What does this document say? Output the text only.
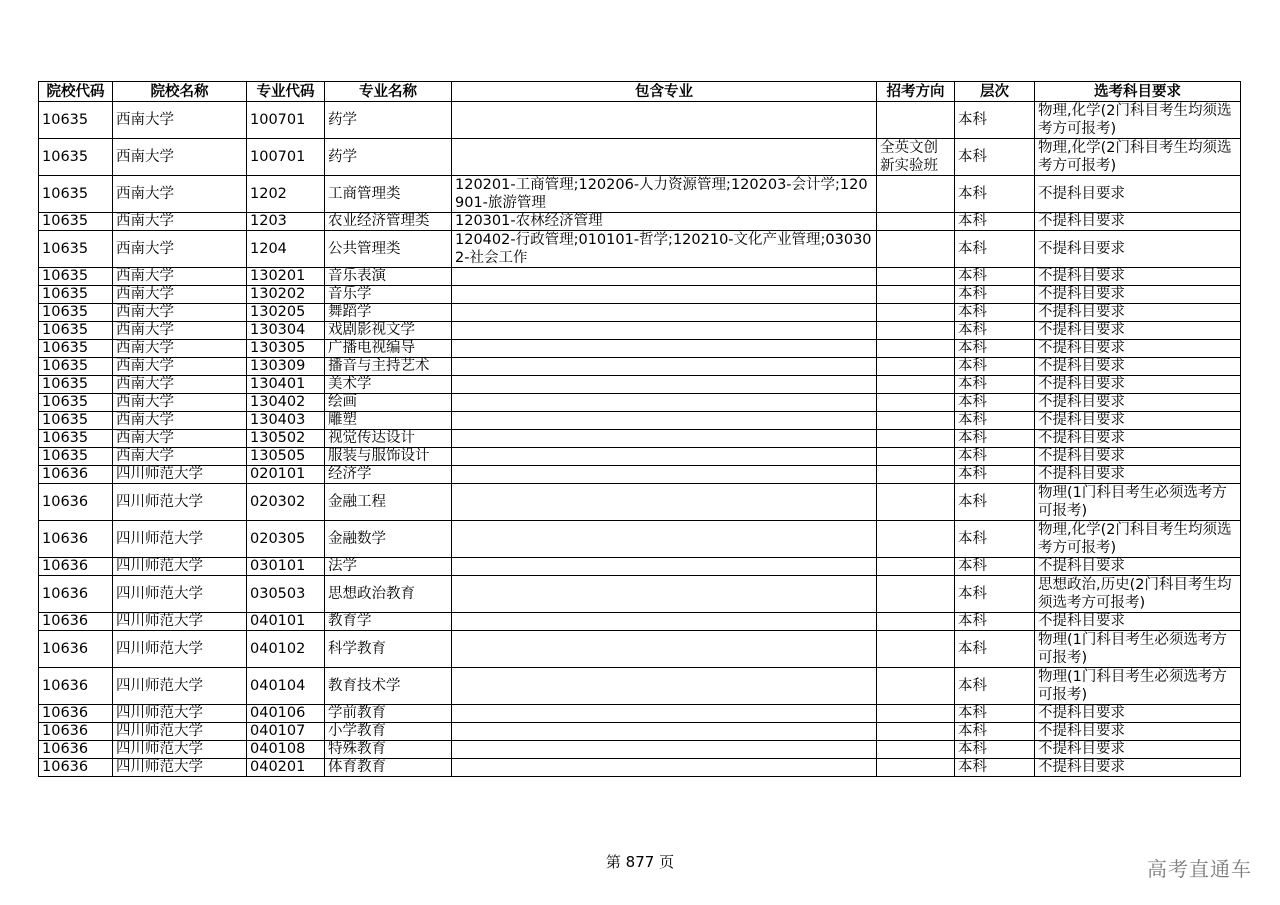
院校代码	院校名称	专业代码	专业名称	包含专业	招考方向	层次	选考科目要求
10635	西南大学	100701	药学			本科	物理,化学(2门科目考生均须选考方可报考)
10635	西南大学	100701	药学		全英文创新实验班	本科	物理,化学(2门科目考生均须选考方可报考)
10635	西南大学	1202	工商管理类	120201-工商管理;120206-人力资源管理;120203-会计学;120901-旅游管理		本科	不提科目要求
10635	西南大学	1203	农业经济管理类	120301-农林经济管理		本科	不提科目要求
10635	西南大学	1204	公共管理类	120402-行政管理;010101-哲学;120210-文化产业管理;030302-社会工作		本科	不提科目要求
10635	西南大学	130201	音乐表演			本科	不提科目要求
10635	西南大学	130202	音乐学			本科	不提科目要求
10635	西南大学	130205	舞蹈学			本科	不提科目要求
10635	西南大学	130304	戏剧影视文学			本科	不提科目要求
10635	西南大学	130305	广播电视编导			本科	不提科目要求
10635	西南大学	130309	播音与主持艺术			本科	不提科目要求
10635	西南大学	130401	美术学			本科	不提科目要求
10635	西南大学	130402	绘画			本科	不提科目要求
10635	西南大学	130403	雕塑			本科	不提科目要求
10635	西南大学	130502	视觉传达设计			本科	不提科目要求
10635	西南大学	130505	服装与服饰设计			本科	不提科目要求
10636	四川师范大学	020101	经济学			本科	不提科目要求
10636	四川师范大学	020302	金融工程			本科	物理(1门科目考生必须选考方可报考)
10636	四川师范大学	020305	金融数学			本科	物理,化学(2门科目考生均须选考方可报考)
10636	四川师范大学	030101	法学			本科	不提科目要求
10636	四川师范大学	030503	思想政治教育			本科	思想政治,历史(2门科目考生均须选考方可报考)
10636	四川师范大学	040101	教育学			本科	不提科目要求
10636	四川师范大学	040102	科学教育			本科	物理(1门科目考生必须选考方可报考)
10636	四川师范大学	040104	教育技术学			本科	物理(1门科目考生必须选考方可报考)
10636	四川师范大学	040106	学前教育			本科	不提科目要求
10636	四川师范大学	040107	小学教育			本科	不提科目要求
10636	四川师范大学	040108	特殊教育			本科	不提科目要求
10636	四川师范大学	040201	体育教育			本科	不提科目要求
第 877 页	高考直通车
